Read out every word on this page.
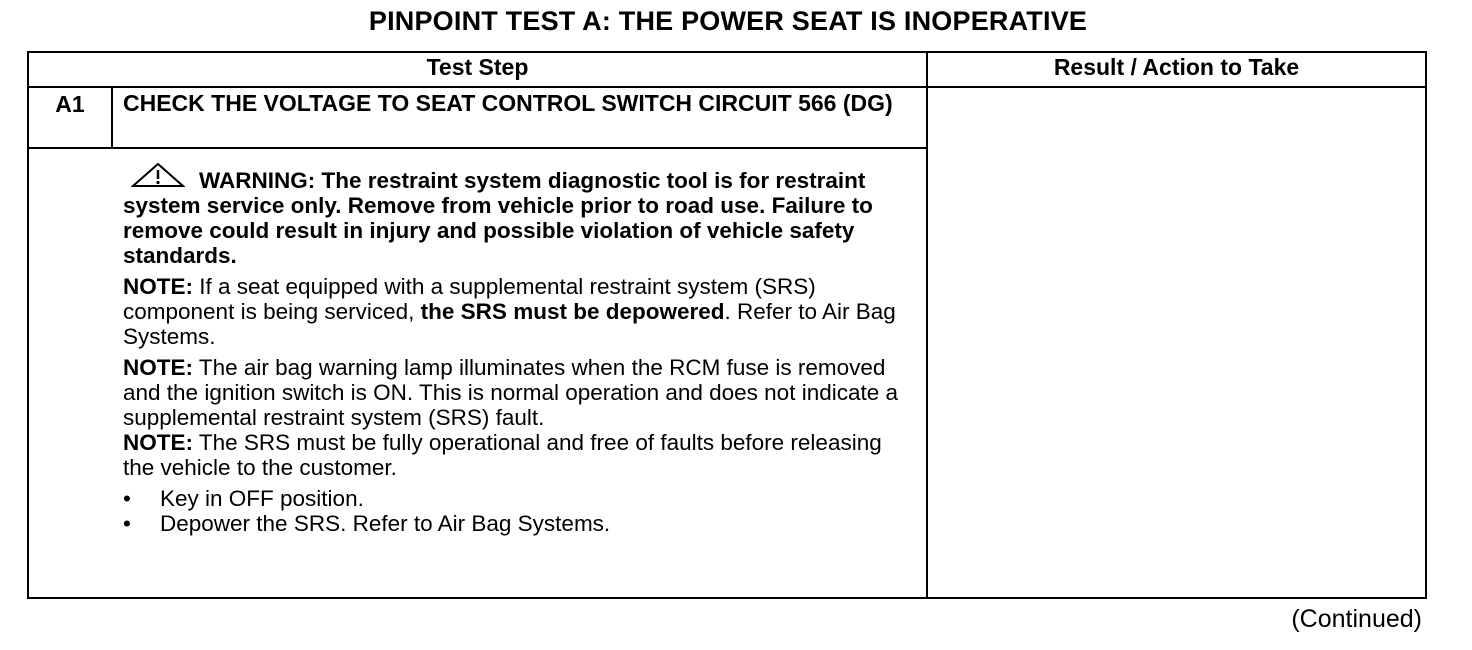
PINPOINT TEST A: THE POWER SEAT IS INOPERATIVE
Test Step	Result / Action to Take
A1	CHECK THE VOLTAGE TO SEAT CONTROL SWITCH CIRCUIT 566 (DG)
WARNING: The restraint system diagnostic tool is for restraint system service only. Remove from vehicle prior to road use. Failure to remove could result in injury and possible violation of vehicle safety standards.
NOTE: If a seat equipped with a supplemental restraint system (SRS) component is being serviced, the SRS must be depowered. Refer to Air Bag Systems.
NOTE: The air bag warning lamp illuminates when the RCM fuse is removed and the ignition switch is ON. This is normal operation and does not indicate a supplemental restraint system (SRS) fault.
NOTE: The SRS must be fully operational and free of faults before releasing the vehicle to the customer.
• Key in OFF position.
• Depower the SRS. Refer to Air Bag Systems.
(Continued)
